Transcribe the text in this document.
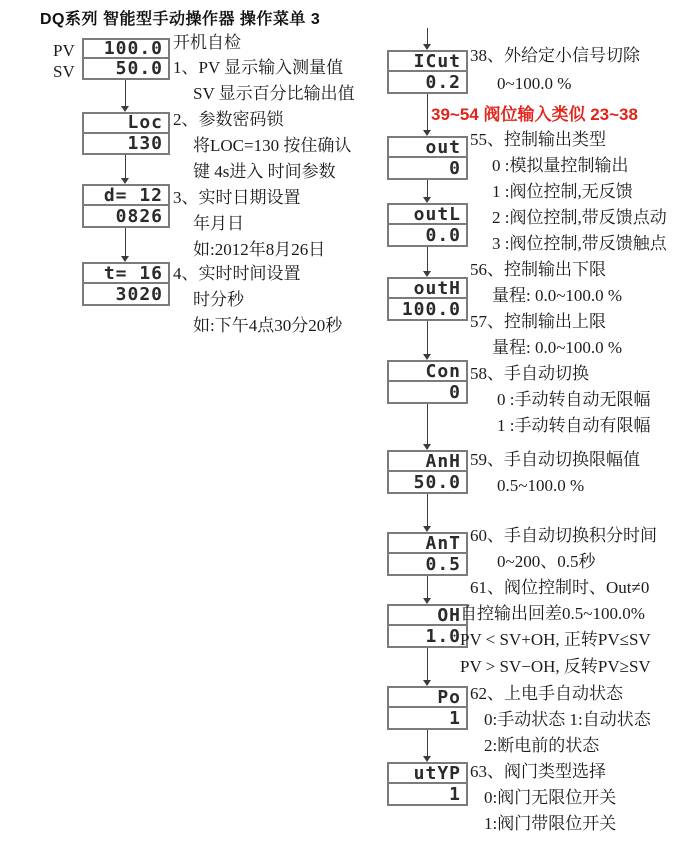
DQ系列 智能型手动操作器 操作菜单 3
PV
SV
100.0
50.0
Loc
130
d= 12
0826
t= 16
3020
开机自检
1、PV 显示输入测量值
SV 显示百分比输出值
2、参数密码锁
将LOC=130 按住确认
键 4s进入 时间参数
3、实时日期设置
年月日
如:2012年8月26日
4、实时时间设置
时分秒
如:下午4点30分20秒
ICut
0.2
39~54 阀位输入类似 23~38
out
0
outL
0.0
outH
100.0
Con
0
AnH
50.0
AnT
0.5
OH
1.0
Po
1
utYP
1
38、外给定小信号切除
0~100.0 %
55、控制输出类型
0 :模拟量控制输出
1 :阀位控制,无反馈
2 :阀位控制,带反馈点动
3 :阀位控制,带反馈触点
56、控制输出下限
量程: 0.0~100.0 %
57、控制输出上限
量程: 0.0~100.0 %
58、手自动切换
0 :手动转自动无限幅
1 :手动转自动有限幅
59、手自动切换限幅值
0.5~100.0 %
60、手自动切换积分时间
0~200、0.5秒
61、阀位控制时、Out≠0
自控输出回差0.5~100.0%
PV < SV+OH, 正转PV≤SV
PV > SV−OH, 反转PV≥SV
62、上电手自动状态
0:手动状态 1:自动状态
2:断电前的状态
63、阀门类型选择
0:阀门无限位开关
1:阀门带限位开关
